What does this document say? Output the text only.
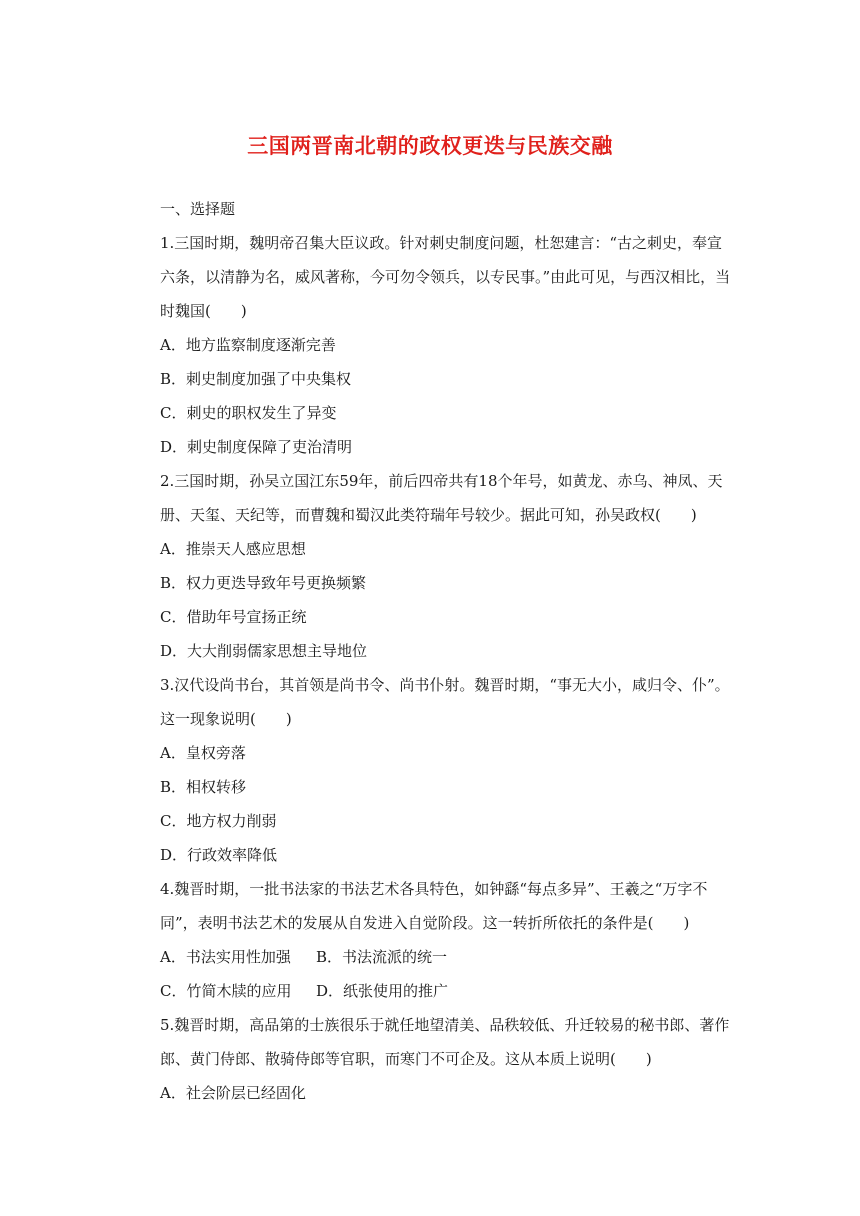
三国两晋南北朝的政权更迭与民族交融

一、选择题

1.三国时期，魏明帝召集大臣议政。针对刺史制度问题，杜恕建言：“古之刺史，奉宣六条，以清静为名，威风著称，今可勿令领兵，以专民事。”由此可见，与西汉相比，当时魏国(　　)

A．地方监察制度逐渐完善

B．刺史制度加强了中央集权

C．刺史的职权发生了异变

D．刺史制度保障了吏治清明

2.三国时期，孙吴立国江东59年，前后四帝共有18个年号，如黄龙、赤乌、神凤、天册、天玺、天纪等，而曹魏和蜀汉此类符瑞年号较少。据此可知，孙吴政权(　　)

A．推崇天人感应思想

B．权力更迭导致年号更换频繁

C．借助年号宣扬正统

D．大大削弱儒家思想主导地位

3.汉代设尚书台，其首领是尚书令、尚书仆射。魏晋时期，“事无大小，咸归令、仆”。这一现象说明(　　)

A．皇权旁落

B．相权转移

C．地方权力削弱

D．行政效率降低

4.魏晋时期，一批书法家的书法艺术各具特色，如钟繇“每点多异”、王羲之“万字不同”，表明书法艺术的发展从自发进入自觉阶段。这一转折所依托的条件是(　　)

A．书法实用性加强 B．书法流派的统一

C．竹简木牍的应用 D．纸张使用的推广

5.魏晋时期，高品第的士族很乐于就任地望清美、品秩较低、升迁较易的秘书郎、著作郎、黄门侍郎、散骑侍郎等官职，而寒门不可企及。这从本质上说明(　　)

A．社会阶层已经固化
